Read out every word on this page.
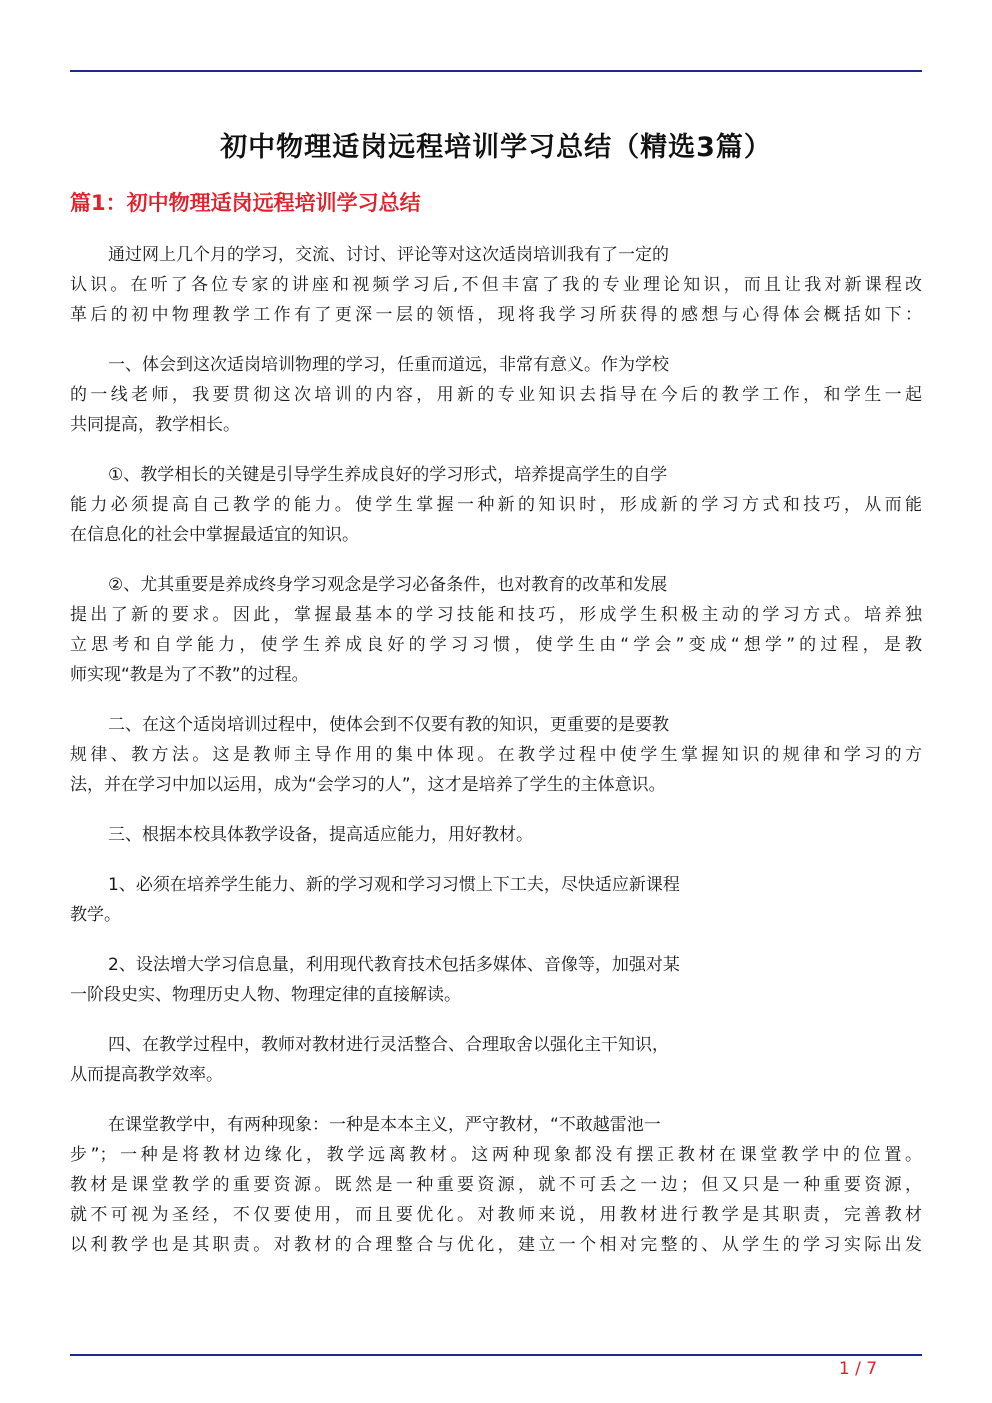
初中物理适岗远程培训学习总结（精选3篇）
篇1：初中物理适岗远程培训学习总结

通过网上几个月的学习，交流、讨讨、评论等对这次适岗培训我有了一定的
认识。在听了各位专家的讲座和视频学习后,不但丰富了我的专业理论知识，而且让我对新课程改
革后的初中物理教学工作有了更深一层的领悟，现将我学习所获得的感想与心得体会概括如下：

一、体会到这次适岗培训物理的学习，任重而道远，非常有意义。作为学校
的一线老师，我要贯彻这次培训的内容，用新的专业知识去指导在今后的教学工作，和学生一起
共同提高，教学相长。

①、教学相长的关键是引导学生养成良好的学习形式，培养提高学生的自学
能力必须提高自己教学的能力。使学生掌握一种新的知识时，形成新的学习方式和技巧，从而能
在信息化的社会中掌握最适宜的知识。

②、尤其重要是养成终身学习观念是学习必备条件，也对教育的改革和发展
提出了新的要求。因此，掌握最基本的学习技能和技巧，形成学生积极主动的学习方式。培养独
立思考和自学能力，使学生养成良好的学习习惯，使学生由“学会”变成“想学”的过程，是教
师实现“教是为了不教”的过程。

二、在这个适岗培训过程中，使体会到不仅要有教的知识，更重要的是要教
规律、教方法。这是教师主导作用的集中体现。在教学过程中使学生掌握知识的规律和学习的方
法，并在学习中加以运用，成为“会学习的人”，这才是培养了学生的主体意识。

三、根据本校具体教学设备，提高适应能力，用好教材。

1、必须在培养学生能力、新的学习观和学习习惯上下工夫，尽快适应新课程
教学。

2、设法增大学习信息量，利用现代教育技术包括多媒体、音像等，加强对某
一阶段史实、物理历史人物、物理定律的直接解读。

四、在教学过程中，教师对教材进行灵活整合、合理取舍以强化主干知识，
从而提高教学效率。

在课堂教学中，有两种现象：一种是本本主义，严守教材，“不敢越雷池一
步”；一种是将教材边缘化，教学远离教材。这两种现象都没有摆正教材在课堂教学中的位置。
教材是课堂教学的重要资源。既然是一种重要资源，就不可丢之一边；但又只是一种重要资源，
就不可视为圣经，不仅要使用，而且要优化。对教师来说，用教材进行教学是其职责，完善教材
以利教学也是其职责。对教材的合理整合与优化，建立一个相对完整的、从学生的学习实际出发

1 / 7
